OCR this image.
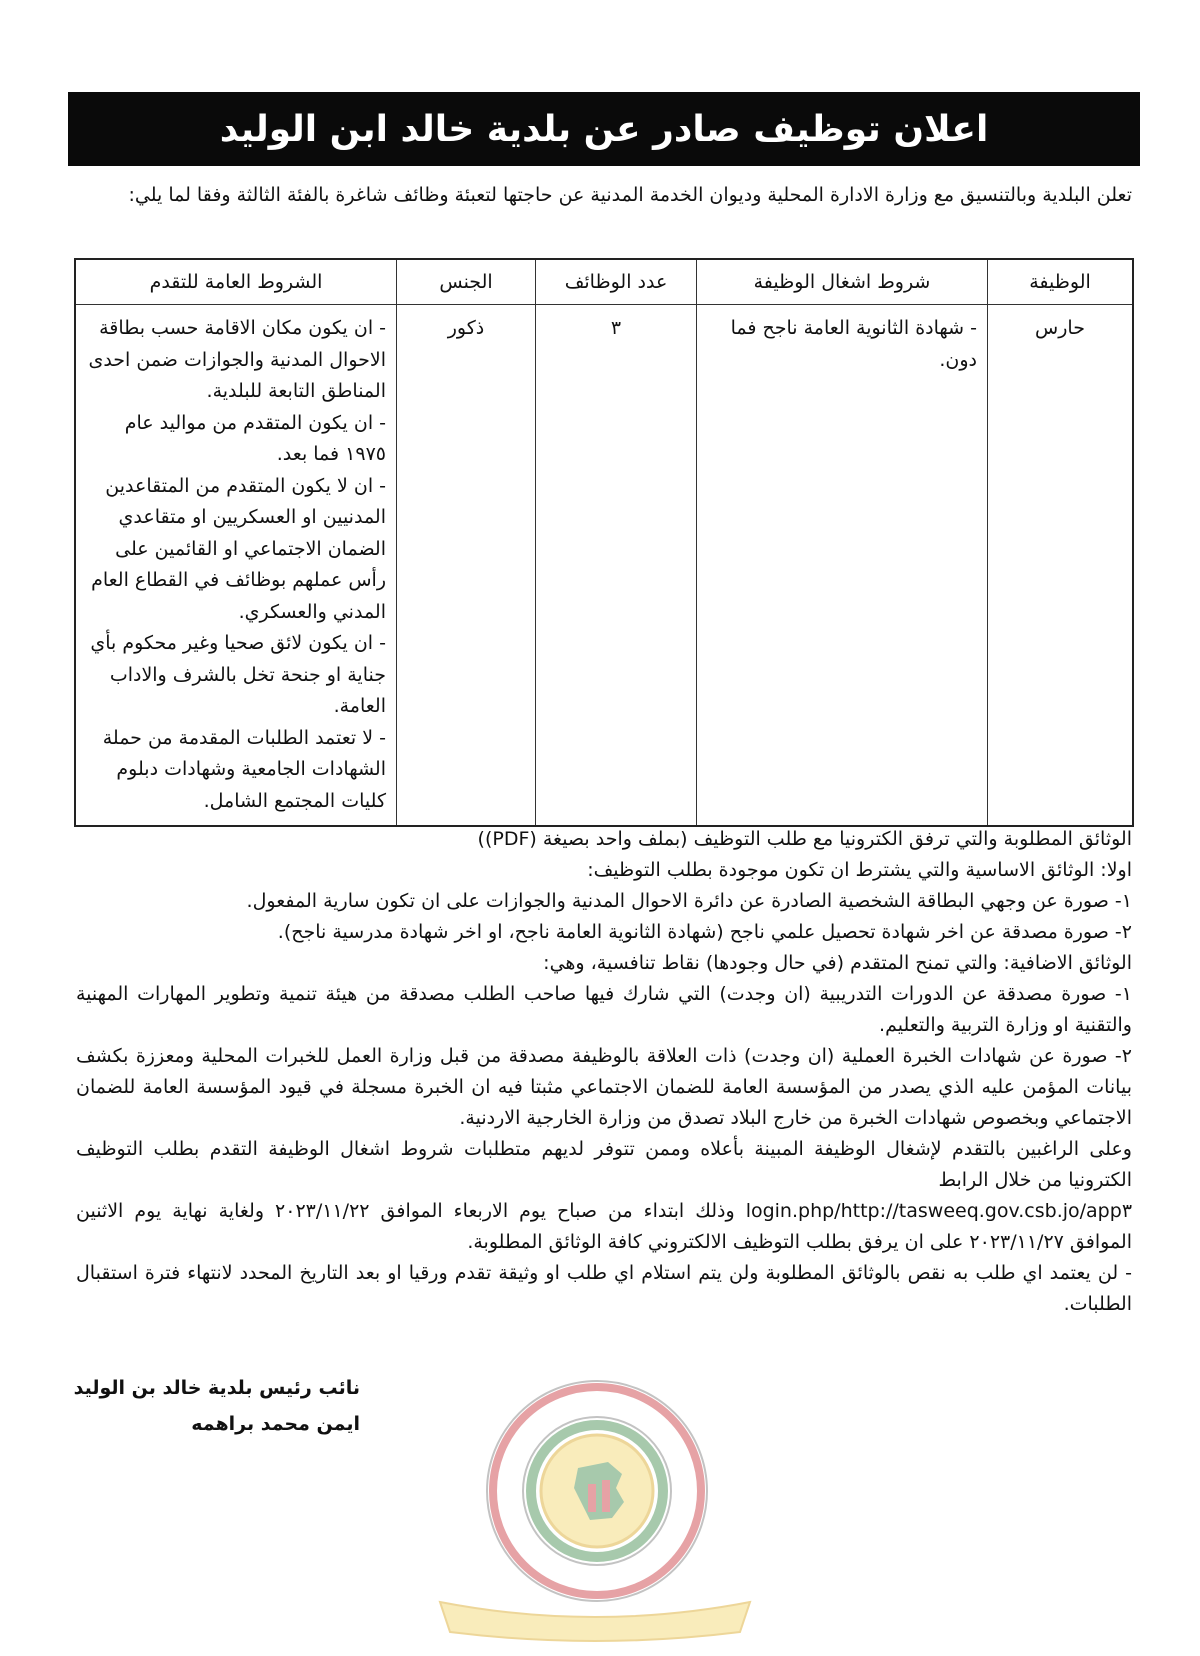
اعلان توظيف صادر عن بلدية خالد ابن الوليد
تعلن البلدية وبالتنسيق مع وزارة الادارة المحلية وديوان الخدمة المدنية عن حاجتها لتعبئة وظائف شاغرة بالفئة الثالثة وفقا لما يلي:
الوظيفة	شروط اشغال الوظيفة	عدد الوظائف	الجنس	الشروط العامة للتقدم
حارس	- شهادة الثانوية العامة ناجح فما دون.	٣	ذكور	- ان يكون مكان الاقامة حسب بطاقة الاحوال المدنية والجوازات ضمن احدى المناطق التابعة للبلدية.
- ان يكون المتقدم من مواليد عام ١٩٧٥ فما بعد.
- ان لا يكون المتقدم من المتقاعدين المدنيين او العسكريين او متقاعدي الضمان الاجتماعي او القائمين على رأس عملهم بوظائف في القطاع العام المدني والعسكري.
- ان يكون لائق صحيا وغير محكوم بأي جناية او جنحة تخل بالشرف والاداب العامة.
- لا تعتمد الطلبات المقدمة من حملة الشهادات الجامعية وشهادات دبلوم كليات المجتمع الشامل.

الوثائق المطلوبة والتي ترفق الكترونيا مع طلب التوظيف (بملف واحد بصيغة (PDF))

اولا: الوثائق الاساسية والتي يشترط ان تكون موجودة بطلب التوظيف:

١- صورة عن وجهي البطاقة الشخصية الصادرة عن دائرة الاحوال المدنية والجوازات على ان تكون سارية المفعول.

٢- صورة مصدقة عن اخر شهادة تحصيل علمي ناجح (شهادة الثانوية العامة ناجح، او اخر شهادة مدرسية ناجح).

الوثائق الاضافية: والتي تمنح المتقدم (في حال وجودها) نقاط تنافسية، وهي:

١- صورة مصدقة عن الدورات التدريبية (ان وجدت) التي شارك فيها صاحب الطلب مصدقة من هيئة تنمية وتطوير المهارات المهنية والتقنية او وزارة التربية والتعليم.

٢- صورة عن شهادات الخبرة العملية (ان وجدت) ذات العلاقة بالوظيفة مصدقة من قبل وزارة العمل للخبرات المحلية ومعززة بكشف بيانات المؤمن عليه الذي يصدر من المؤسسة العامة للضمان الاجتماعي مثبتا فيه ان الخبرة مسجلة في قيود المؤسسة العامة للضمان الاجتماعي وبخصوص شهادات الخبرة من خارج البلاد تصدق من وزارة الخارجية الاردنية.

وعلى الراغبين بالتقدم لإشغال الوظيفة المبينة بأعلاه وممن تتوفر لديهم متطلبات شروط اشغال الوظيفة التقدم بطلب التوظيف الكترونيا من خلال الرابط

login.php/http://tasweeq.gov.csb.jo/app٣ وذلك ابتداء من صباح يوم الاربعاء الموافق ٢٠٢٣/١١/٢٢ ولغاية نهاية يوم الاثنين الموافق ٢٠٢٣/١١/٢٧ على ان يرفق بطلب التوظيف الالكتروني كافة الوثائق المطلوبة.

- لن يعتمد اي طلب به نقص بالوثائق المطلوبة ولن يتم استلام اي طلب او وثيقة تقدم ورقيا او بعد التاريخ المحدد لانتهاء فترة استقبال الطلبات.

نائب رئيس بلدية خالد بن الوليد
ايمن محمد براهمه
